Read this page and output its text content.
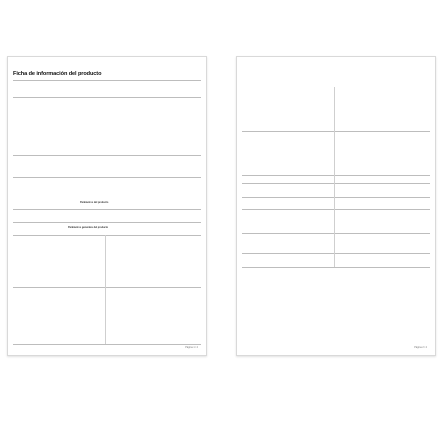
Ficha de información del producto
Parámetros del producto
Parámetros generales del producto
Página 1 / 2	Página 2 / 2
